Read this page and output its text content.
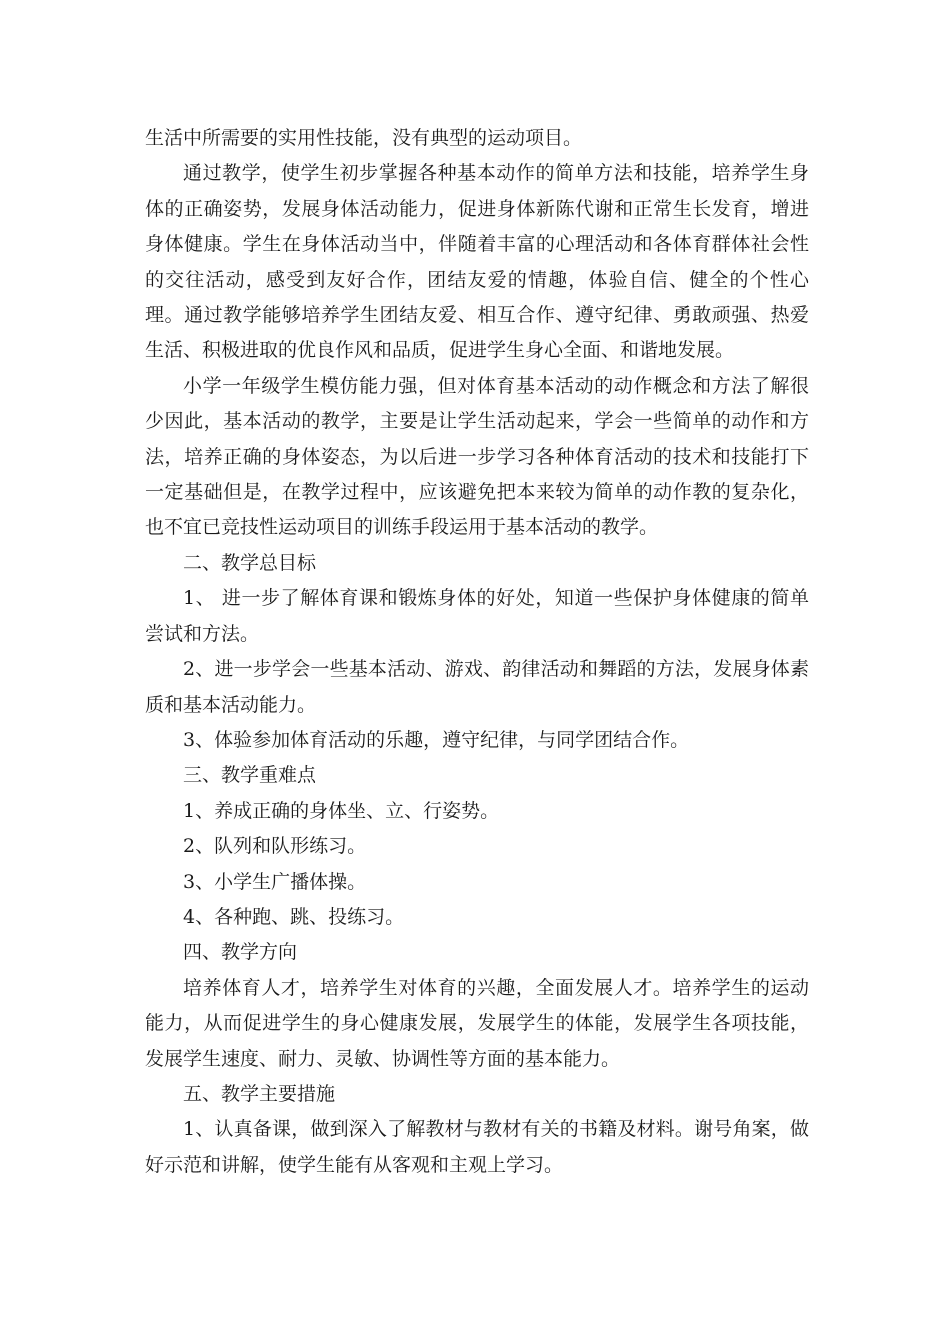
生活中所需要的实用性技能，没有典型的运动项目。

通过教学，使学生初步掌握各种基本动作的简单方法和技能，培养学生身体的正确姿势，发展身体活动能力，促进身体新陈代谢和正常生长发育，增进身体健康。学生在身体活动当中，伴随着丰富的心理活动和各体育群体社会性的交往活动，感受到友好合作，团结友爱的情趣，体验自信、健全的个性心理。通过教学能够培养学生团结友爱、相互合作、遵守纪律、勇敢顽强、热爱生活、积极进取的优良作风和品质，促进学生身心全面、和谐地发展。

小学一年级学生模仿能力强，但对体育基本活动的动作概念和方法了解很少因此，基本活动的教学，主要是让学生活动起来，学会一些简单的动作和方法，培养正确的身体姿态，为以后进一步学习各种体育活动的技术和技能打下一定基础但是，在教学过程中，应该避免把本来较为简单的动作教的复杂化，也不宜已竞技性运动项目的训练手段运用于基本活动的教学。

二、教学总目标

1、 进一步了解体育课和锻炼身体的好处，知道一些保护身体健康的简单尝试和方法。

2、进一步学会一些基本活动、游戏、韵律活动和舞蹈的方法，发展身体素质和基本活动能力。

3、体验参加体育活动的乐趣，遵守纪律，与同学团结合作。

三、教学重难点

1、养成正确的身体坐、立、行姿势。

2、队列和队形练习。

3、小学生广播体操。

4、各种跑、跳、投练习。

四、教学方向

培养体育人才，培养学生对体育的兴趣，全面发展人才。培养学生的运动能力，从而促进学生的身心健康发展，发展学生的体能，发展学生各项技能，发展学生速度、耐力、灵敏、协调性等方面的基本能力。

五、教学主要措施

1、认真备课，做到深入了解教材与教材有关的书籍及材料。谢号角案，做好示范和讲解，使学生能有从客观和主观上学习。
